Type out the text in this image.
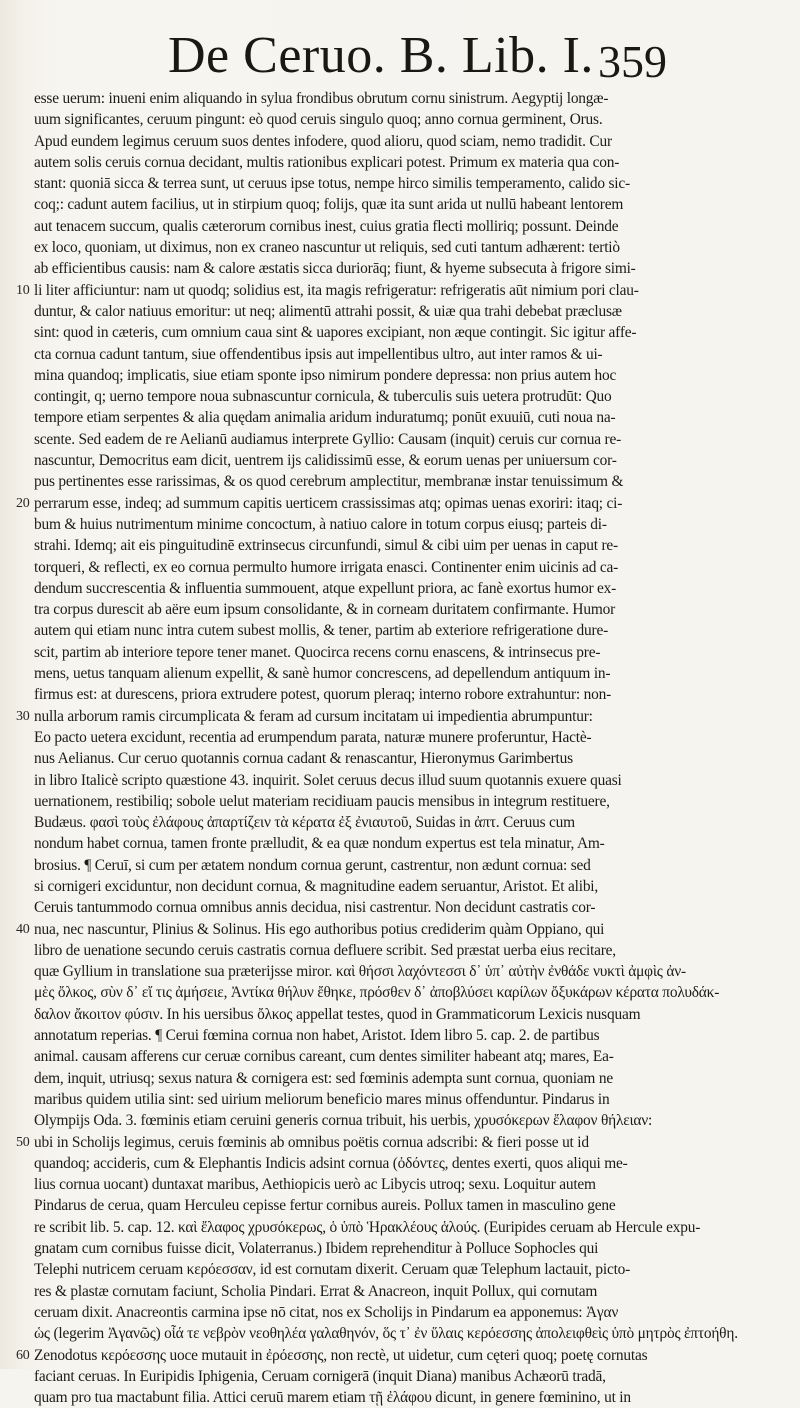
De Ceruo. B. Lib. I. 359
esse uerum: inueni enim aliquando in sylua frondibus obrutum cornu sinistrum. Aegyptij longæ-
uum significantes, ceruum pingunt: eò quod ceruis singulo quoq; anno cornua germinent, Orus.
Apud eundem legimus ceruum suos dentes infodere, quod alioru, quod sciam, nemo tradidit. Cur
autem solis ceruis cornua decidant, multis rationibus explicari potest. Primum ex materia qua con-
stant: quoniā sicca & terrea sunt, ut ceruus ipse totus, nempe hirco similis temperamento, calido sic-
coq;: cadunt autem facilius, ut in stirpium quoq; folijs, quæ ita sunt arida ut nullū habeant lentorem
aut tenacem succum, qualis cæterorum cornibus inest, cuius gratia flecti molliriq; possunt. Deinde
ex loco, quoniam, ut diximus, non ex craneo nascuntur ut reliquis, sed cuti tantum adhærent: tertiò
ab efficientibus causis: nam & calore æstatis sicca duriorāq; fiunt, & hyeme subsecuta à frigore simi-
10 li liter afficiuntur: nam ut quodq; solidius est, ita magis refrigeratur: refrigeratis aūt nimium pori clau-
duntur, & calor natiuus emoritur: ut neq; alimentū attrahi possit, & uiæ qua trahi debebat præclusæ
sint: quod in cæteris, cum omnium caua sint & uapores excipiant, non æque contingit. Sic igitur affe-
cta cornua cadunt tantum, siue offendentibus ipsis aut impellentibus ultro, aut inter ramos & ui-
mina quandoq; implicatis, siue etiam sponte ipso nimirum pondere depressa: non prius autem hoc
contingit, q; uerno tempore noua subnascuntur cornicula, & tuberculis suis uetera protrudūt: Quo
tempore etiam serpentes & alia quędam animalia aridum induratumq; ponūt exuuiū, cuti noua na-
scente. Sed eadem de re Aelianū audiamus interprete Gyllio: Causam (inquit) ceruis cur cornua re-
nascuntur, Democritus eam dicit, uentrem ijs calidissimū esse, & eorum uenas per uniuersum cor-
pus pertinentes esse rarissimas, & os quod cerebrum amplectitur, membranæ instar tenuissimum &
20 perrarum esse, indeq; ad summum capitis uerticem crassissimas atq; opimas uenas exoriri: itaq; ci-
bum & huius nutrimentum minime concoctum, à natiuo calore in totum corpus eiusq; parteis di-
strahi. Idemq; ait eis pinguitudinē extrinsecus circunfundi, simul & cibi uim per uenas in caput re-
torqueri, & reflecti, ex eo cornua permulto humore irrigata enasci. Continenter enim uicinis ad ca-
dendum succrescentia & influentia summouent, atque expellunt priora, ac fanè exortus humor ex-
tra corpus durescit ab aëre eum ipsum consolidante, & in corneam duritatem confirmante. Humor
autem qui etiam nunc intra cutem subest mollis, & tener, partim ab exteriore refrigeratione dure-
scit, partim ab interiore tepore tener manet. Quocirca recens cornu enascens, & intrinsecus pre-
mens, uetus tanquam alienum expellit, & sanè humor concrescens, ad depellendum antiquum in-
firmus est: at durescens, priora extrudere potest, quorum pleraq; interno robore extrahuntur: non-
30 nulla arborum ramis circumplicata & feram ad cursum incitatam ui impedientia abrumpuntur:
Eo pacto uetera excidunt, recentia ad erumpendum parata, naturæ munere proferuntur, Hactè-
nus Aelianus. Cur ceruo quotannis cornua cadant & renascantur, Hieronymus Garimbertus
in libro Italicè scripto quæstione 43. inquirit. Solet ceruus decus illud suum quotannis exuere quasi
uernationem, restibiliq; sobole uelut materiam recidiuam paucis mensibus in integrum restituere,
Budæus. φασὶ τοὺς ἐλάφους ἀπαρτίζειν τὰ κέρατα ἐξ ἐνιαυτοῦ, Suidas in ἀπτ. Ceruus cum
nondum habet cornua, tamen fronte prælludit, & ea quæ nondum expertus est tela minatur, Am-
brosius. ¶ Ceruī, si cum per ætatem nondum cornua gerunt, castrentur, non ædunt cornua: sed
si cornigeri exciduntur, non decidunt cornua, & magnitudine eadem seruantur, Aristot. Et alibi,
Ceruis tantummodo cornua omnibus annis decidua, nisi castrentur. Non decidunt castratis cor-
40 nua, nec nascuntur, Plinius & Solinus. His ego authoribus potius crediderim quàm Oppiano, qui
libro de uenatione secundo ceruis castratis cornua defluere scribit. Sed præstat uerba eius recitare,
quæ Gyllium in translatione sua præterijsse miror. καὶ θήσσι λαχόντεσσι δ᾽ ὑπ᾽ αὐτὴν ἐνθάδε νυκτὶ ἀμφὶς ἀν-
μὲς ὄλκος, σὺν δ᾽ εἴ τις ἀμήσειε, Ἀντίκα θήλυν ἔθηκε, πρόσθεν δ᾽ ἀποβλύσει καρίλων ὄξυκάρων κέρατα πολυδάκ-
δαλον ἄκοιτον φύσιν. In his uersibus ὄλκος appellat testes, quod in Grammaticorum Lexicis nusquam
annotatum reperias. ¶ Cerui fœmina cornua non habet, Aristot. Idem libro 5. cap. 2. de partibus
animal. causam afferens cur ceruæ cornibus careant, cum dentes similiter habeant atq; mares, Ea-
dem, inquit, utriusq; sexus natura & cornigera est: sed fœminis adempta sunt cornua, quoniam ne
maribus quidem utilia sint: sed uirium meliorum beneficio mares minus offenduntur. Pindarus in
Olympijs Oda. 3. fœminis etiam ceruini generis cornua tribuit, his uerbis, χρυσόκερων ἔλαφον θήλειαν:
50 ubi in Scholijs legimus, ceruis fœminis ab omnibus poëtis cornua adscribi: & fieri posse ut id
quandoq; accideris, cum & Elephantis Indicis adsint cornua (ὀδόντες, dentes exerti, quos aliqui me-
lius cornua uocant) duntaxat maribus, Aethiopicis uerò ac Libycis utroq; sexu. Loquitur autem
Pindarus de cerua, quam Herculeu cepisse fertur cornibus aureis. Pollux tamen in masculino gene
re scribit lib. 5. cap. 12. καὶ ἔλαφος χρυσόκερως, ὁ ὑπὸ Ἡρακλέους ἁλούς. (Euripides ceruam ab Hercule expu-
gnatam cum cornibus fuisse dicit, Volaterranus.) Ibidem reprehenditur à Polluce Sophocles qui
Telephi nutricem ceruam κερόεσσαν, id est cornutam dixerit. Ceruam quæ Telephum lactauit, picto-
res & plastæ cornutam faciunt, Scholia Pindari. Errat & Anacreon, inquit Pollux, qui cornutam
ceruam dixit. Anacreontis carmina ipse nō citat, nos ex Scholijs in Pindarum ea apponemus: Ἀγαν
ὡς (legerim Ἀγανῶς) οἷά τε νεβρὸν νεοθηλέα γαλαθηνόν, ὅς τ᾽ ἐν ὕλαις κερόεσσης ἀπολειφθεὶς ὑπὸ μητρὸς ἐπτοήθη.
60 Zenodotus κερόεσσης uoce mutauit in ἐρόεσσης, non rectè, ut uidetur, cum cęteri quoq; poetę cornutas
faciant ceruas. In Euripidis Iphigenia, Ceruam cornigerā (inquit Diana) manibus Achæorū tradā,
quam pro tua mactabunt filia. Attici ceruū marem etiam τῇ ἐλάφου dicunt, in genere fœminino, ut in
